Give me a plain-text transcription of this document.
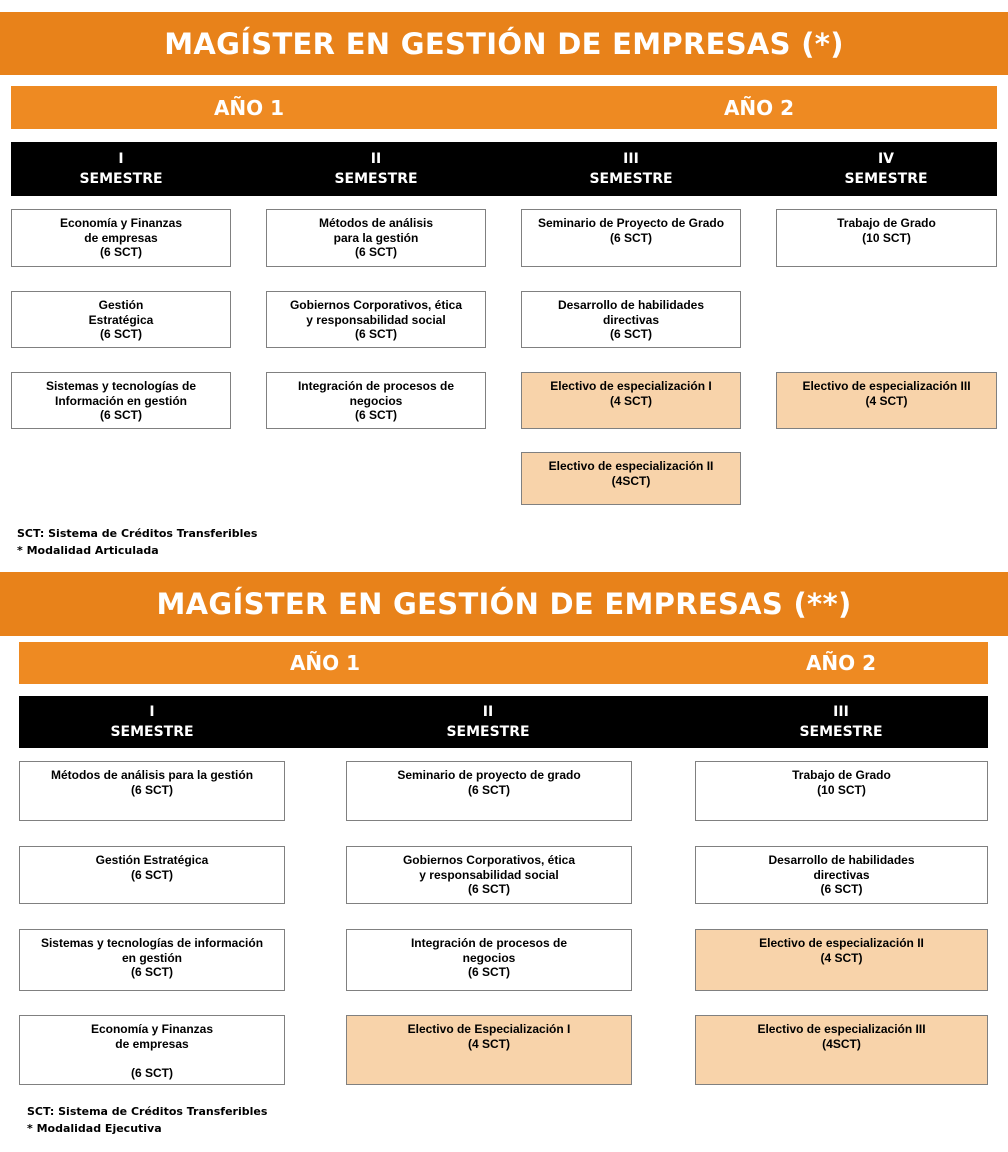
MAGÍSTER EN GESTIÓN DE EMPRESAS (*)
AÑO 1	AÑO 2
I
SEMESTRE
II
SEMESTRE
III
SEMESTRE
IV
SEMESTRE
Economía y Finanzas
de empresas
(6 SCT)
Gestión
Estratégica
(6 SCT)
Sistemas y tecnologías de
Información en gestión
(6 SCT)
Métodos de análisis
para la gestión
(6 SCT)
Gobiernos Corporativos, ética
y responsabilidad social
(6 SCT)
Integración de procesos de
negocios
(6 SCT)
Seminario de Proyecto de Grado
(6 SCT)
Desarrollo de habilidades
directivas
(6 SCT)
Electivo de especialización I
(4 SCT)
Electivo de especialización II
(4SCT)
Trabajo de Grado
(10 SCT)
Electivo de especialización III
(4 SCT)
SCT: Sistema de Créditos Transferibles
* Modalidad Articulada
MAGÍSTER EN GESTIÓN DE EMPRESAS (**)
AÑO 1	AÑO 2
I
SEMESTRE
II
SEMESTRE
III
SEMESTRE
Métodos de análisis para la gestión
(6 SCT)
Gestión Estratégica
(6 SCT)
Sistemas y tecnologías de información
en gestión
(6 SCT)
Economía y Finanzas
de empresas

(6 SCT)
Seminario de proyecto de grado
(6 SCT)
Gobiernos Corporativos, ética
y responsabilidad social
(6 SCT)
Integración de procesos de
negocios
(6 SCT)
Electivo de Especialización I
(4 SCT)
Trabajo de Grado
(10 SCT)
Desarrollo de habilidades
directivas
(6 SCT)
Electivo de especialización II
(4 SCT)
Electivo de especialización III
(4SCT)
SCT: Sistema de Créditos Transferibles
* Modalidad Ejecutiva
